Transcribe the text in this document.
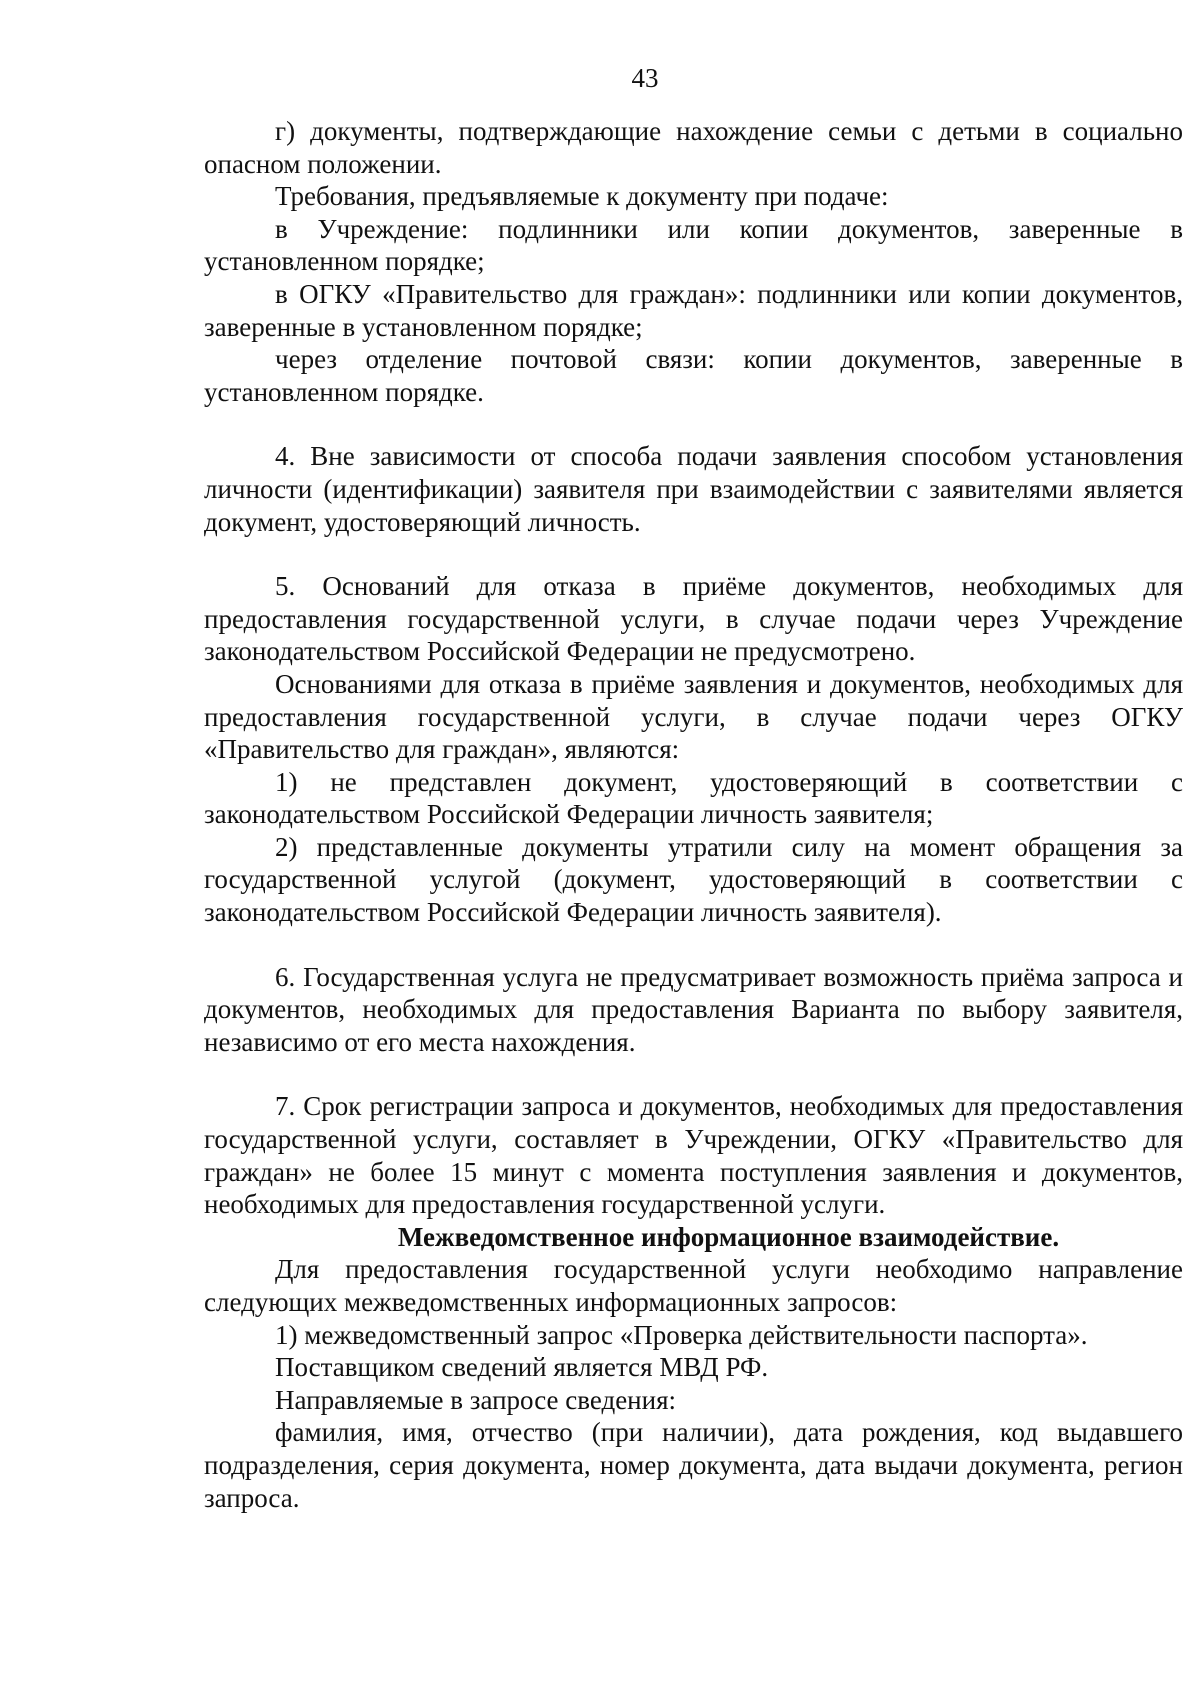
43

г) документы, подтверждающие нахождение семьи с детьми в социально опасном положении.

Требования, предъявляемые к документу при подаче:

в Учреждение: подлинники или копии документов, заверенные в установленном порядке;

в ОГКУ «Правительство для граждан»: подлинники или копии документов, заверенные в установленном порядке;

через отделение почтовой связи: копии документов, заверенные в установленном порядке.

4. Вне зависимости от способа подачи заявления способом установления личности (идентификации) заявителя при взаимодействии с заявителями является документ, удостоверяющий личность.

5. Оснований для отказа в приёме документов, необходимых для предоставления государственной услуги, в случае подачи через Учреждение законодательством Российской Федерации не предусмотрено.

Основаниями для отказа в приёме заявления и документов, необходимых для предоставления государственной услуги, в случае подачи через ОГКУ «Правительство для граждан», являются:

1) не представлен документ, удостоверяющий в соответствии с законодательством Российской Федерации личность заявителя;

2) представленные документы утратили силу на момент обращения за государственной услугой (документ, удостоверяющий в соответствии с законодательством Российской Федерации личность заявителя).

6. Государственная услуга не предусматривает возможность приёма запроса и документов, необходимых для предоставления Варианта по выбору заявителя, независимо от его места нахождения.

7. Срок регистрации запроса и документов, необходимых для предоставления государственной услуги, составляет в Учреждении, ОГКУ «Правительство для граждан» не более 15 минут с момента поступления заявления и документов, необходимых для предоставления государственной услуги.

Межведомственное информационное взаимодействие.

Для предоставления государственной услуги необходимо направление следующих межведомственных информационных запросов:

1) межведомственный запрос «Проверка действительности паспорта».

Поставщиком сведений является МВД РФ.

Направляемые в запросе сведения:

фамилия, имя, отчество (при наличии), дата рождения, код выдавшего подразделения, серия документа, номер документа, дата выдачи документа, регион запроса.
